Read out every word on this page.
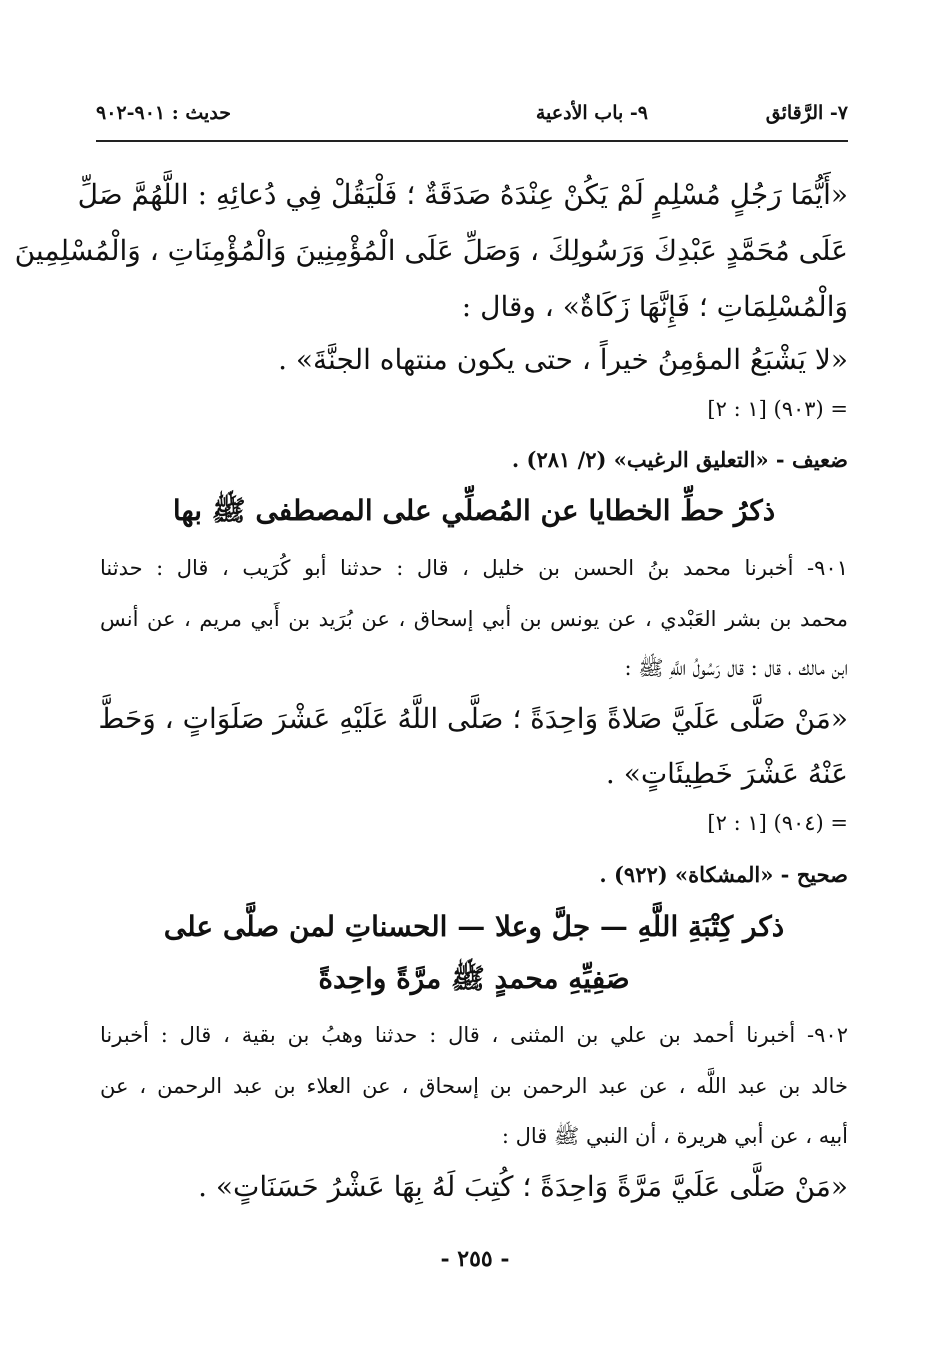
٧- الرَّقائق
٩- باب الأدعية
حديث : ٩٠١-٩٠٢
«أَيُّمَا رَجُلٍ مُسْلِمٍ لَمْ يَكُنْ عِنْدَهُ صَدَقَةٌ ؛ فَلْيَقُلْ فِي دُعائِهِ : اللَّهُمَّ صَلِّ
عَلَى مُحَمَّدٍ عَبْدِكَ وَرَسُولِكَ ، وَصَلِّ عَلَى الْمُؤْمِنِينَ وَالْمُؤْمِنَاتِ ، وَالْمُسْلِمِينَ
وَالْمُسْلِمَاتِ ؛ فَإِنَّهَا زَكَاةٌ» ، وقال :
«لا يَشْبَعُ المؤمِنُ خيراً ، حتى يكون منتهاه الجنَّةَ» .
= (٩٠٣) [١ : ٢]
ضعيف - «التعليق الرغيب» (٢/ ٢٨١) .
ذكرُ حطِّ الخطايا عن المُصلِّي على المصطفى ﷺ بها
٩٠١- أخبرنا محمد بنُ الحسن بن خليل ، قال : حدثنا أبو كُرَيب ، قال : حدثنا
محمد بن بشر العَبْدي ، عن يونس بن أبي إسحاق ، عن بُرَيد بن أَبي مريم ، عن أنس
ابن مالك ، قال : قال رَسُولُ اللَّهِ ﷺ :
«مَنْ صَلَّى عَلَيَّ صَلاةً وَاحِدَةً ؛ صَلَّى اللَّهُ عَلَيْهِ عَشْرَ صَلَوَاتٍ ، وَحَطَّ
عَنْهُ عَشْرَ خَطِيئَاتٍ» .
= (٩٠٤) [١ : ٢]
صحيح - «المشكاة» (٩٢٢) .
ذكر كِتْبَةِ اللَّهِ — جلَّ وعلا — الحسناتِ لمن صلَّى على
صَفِيِّهِ محمدٍ ﷺ مرَّةً واحِدةً
٩٠٢- أخبرنا أحمد بن علي بن المثنى ، قال : حدثنا وهبُ بن بقية ، قال : أخبرنا
خالد بن عبد اللَّه ، عن عبد الرحمن بن إسحاق ، عن العلاء بن عبد الرحمن ، عن
أبيه ، عن أبي هريرة ، أن النبي ﷺ قال :
«مَنْ صَلَّى عَلَيَّ مَرَّةً وَاحِدَةً ؛ كُتِبَ لَهُ بِهَا عَشْرُ حَسَنَاتٍ» .
- ٢٥٥ -
